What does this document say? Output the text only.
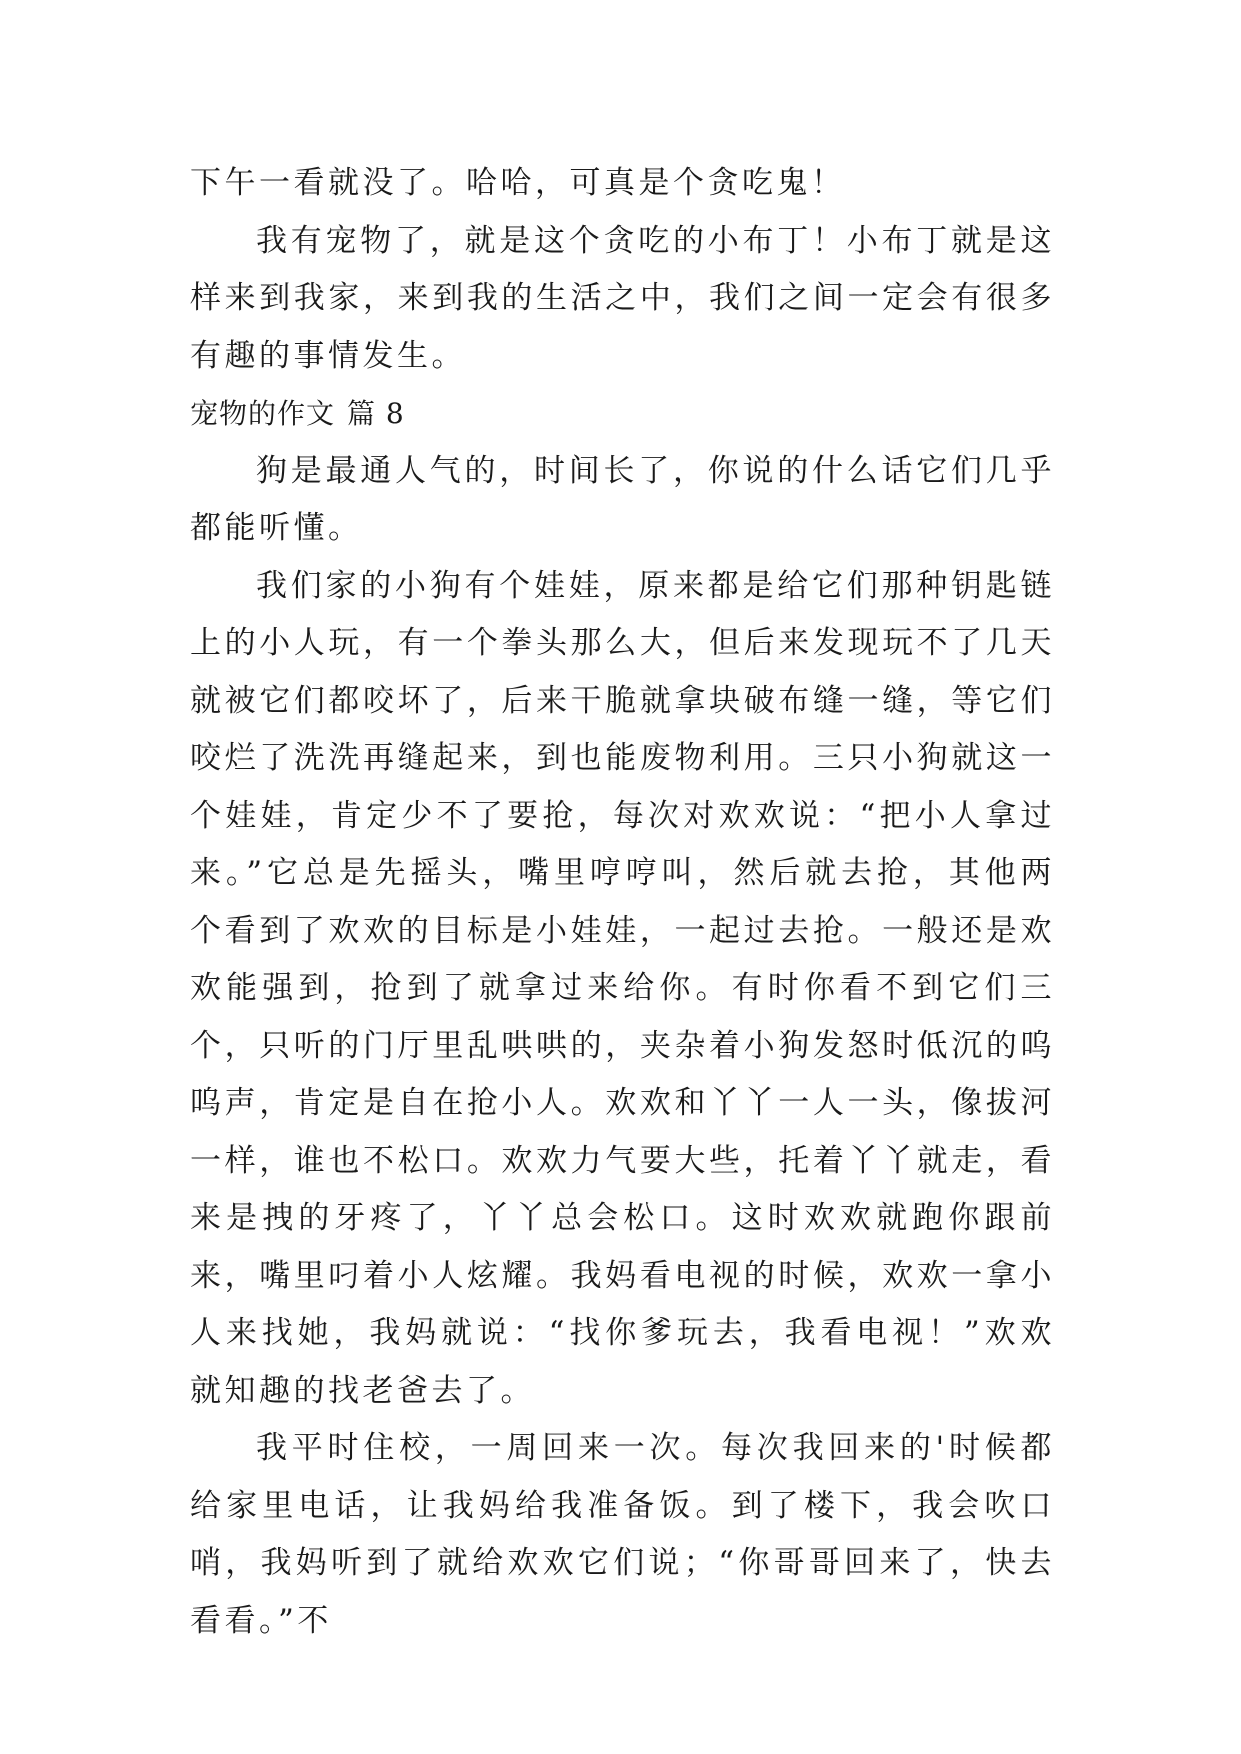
下午一看就没了。哈哈，可真是个贪吃鬼！

我有宠物了，就是这个贪吃的小布丁！小布丁就是这样来到我家，来到我的生活之中，我们之间一定会有很多有趣的事情发生。

宠物的作文 篇 8

狗是最通人气的，时间长了，你说的什么话它们几乎都能听懂。

我们家的小狗有个娃娃，原来都是给它们那种钥匙链上的小人玩，有一个拳头那么大，但后来发现玩不了几天就被它们都咬坏了，后来干脆就拿块破布缝一缝，等它们咬烂了洗洗再缝起来，到也能废物利用。三只小狗就这一个娃娃，肯定少不了要抢，每次对欢欢说：“把小人拿过来。”它总是先摇头，嘴里哼哼叫，然后就去抢，其他两个看到了欢欢的目标是小娃娃，一起过去抢。一般还是欢欢能强到，抢到了就拿过来给你。有时你看不到它们三个，只听的门厅里乱哄哄的，夹杂着小狗发怒时低沉的呜呜声，肯定是自在抢小人。欢欢和丫丫一人一头，像拔河一样，谁也不松口。欢欢力气要大些，托着丫丫就走，看来是拽的牙疼了，丫丫总会松口。这时欢欢就跑你跟前来，嘴里叼着小人炫耀。我妈看电视的时候，欢欢一拿小人来找她，我妈就说：“找你爹玩去，我看电视！”欢欢就知趣的找老爸去了。

我平时住校，一周回来一次。每次我回来的'时候都给家里电话，让我妈给我准备饭。到了楼下，我会吹口哨，我妈听到了就给欢欢它们说；“你哥哥回来了，快去看看。”不
